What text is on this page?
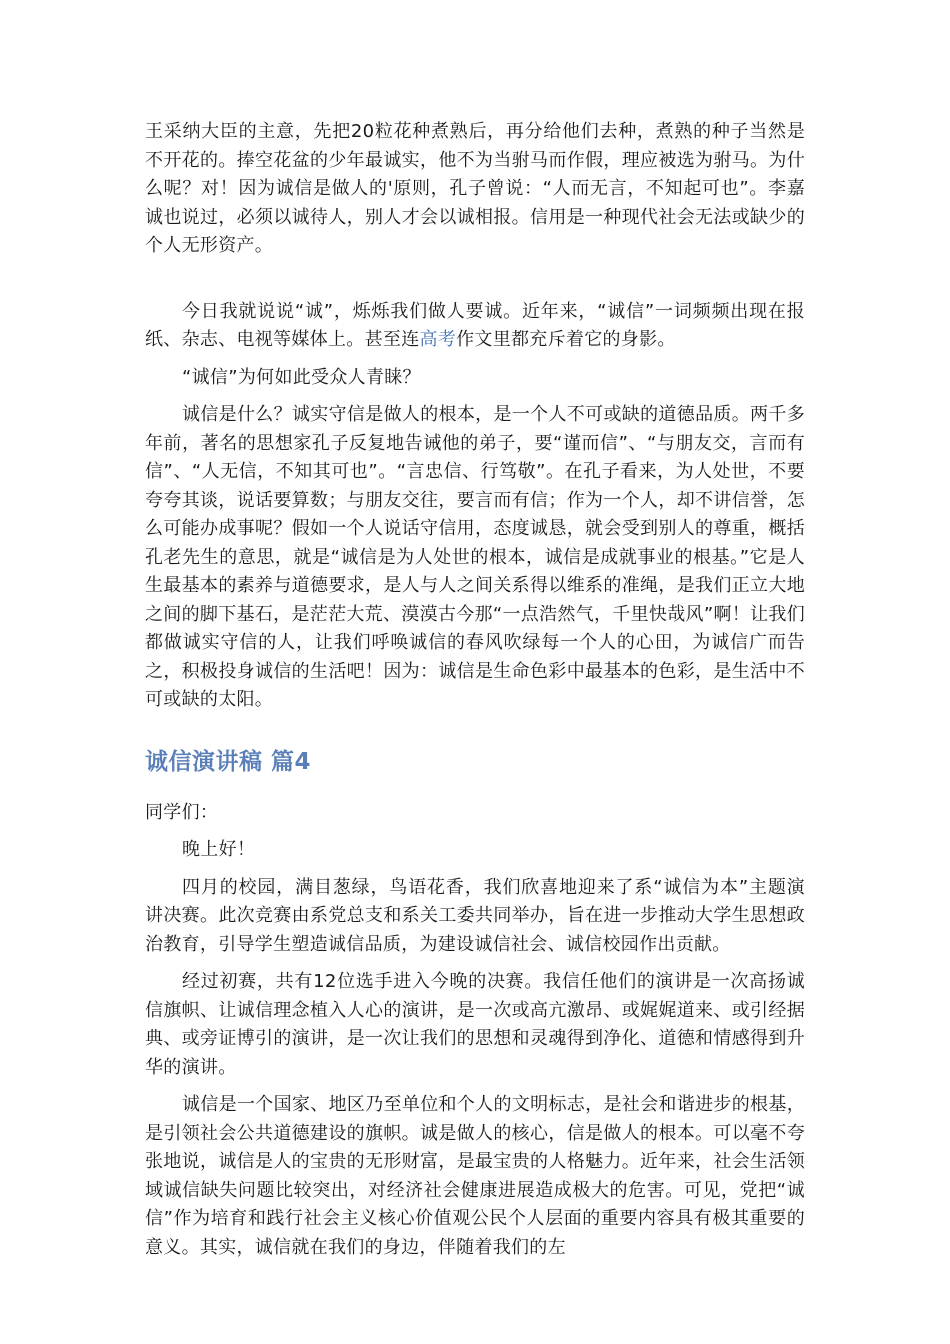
王采纳大臣的主意，先把20粒花种煮熟后，再分给他们去种，煮熟的种子当然是不开花的。捧空花盆的少年最诚实，他不为当驸马而作假，理应被选为驸马。为什么呢？对！因为诚信是做人的'原则，孔子曾说：“人而无言，不知起可也”。李嘉诚也说过，必须以诚待人，别人才会以诚相报。信用是一种现代社会无法或缺少的个人无形资产。

今日我就说说“诚”，烁烁我们做人要诚。近年来，“诚信”一词频频出现在报纸、杂志、电视等媒体上。甚至连高考作文里都充斥着它的身影。

“诚信”为何如此受众人青睐？

诚信是什么？诚实守信是做人的根本，是一个人不可或缺的道德品质。两千多年前，著名的思想家孔子反复地告诫他的弟子，要“谨而信”、“与朋友交，言而有信”、“人无信，不知其可也”。“言忠信、行笃敬”。在孔子看来，为人处世，不要夸夸其谈，说话要算数；与朋友交往，要言而有信；作为一个人，却不讲信誉，怎么可能办成事呢？假如一个人说话守信用，态度诚恳，就会受到别人的尊重，概括孔老先生的意思，就是“诚信是为人处世的根本，诚信是成就事业的根基。”它是人生最基本的素养与道德要求，是人与人之间关系得以维系的准绳，是我们正立大地之间的脚下基石，是茫茫大荒、漠漠古今那“一点浩然气，千里快哉风”啊！让我们都做诚实守信的人，让我们呼唤诚信的春风吹绿每一个人的心田，为诚信广而告之，积极投身诚信的生活吧！因为：诚信是生命色彩中最基本的色彩，是生活中不可或缺的太阳。

诚信演讲稿 篇4

同学们：

晚上好！

四月的校园，满目葱绿，鸟语花香，我们欣喜地迎来了系“诚信为本”主题演讲决赛。此次竞赛由系党总支和系关工委共同举办，旨在进一步推动大学生思想政治教育，引导学生塑造诚信品质，为建设诚信社会、诚信校园作出贡献。

经过初赛，共有12位选手进入今晚的决赛。我信任他们的演讲是一次高扬诚信旗帜、让诚信理念植入人心的演讲，是一次或高亢激昂、或娓娓道来、或引经据典、或旁证博引的演讲，是一次让我们的思想和灵魂得到净化、道德和情感得到升华的演讲。

诚信是一个国家、地区乃至单位和个人的文明标志，是社会和谐进步的根基，是引领社会公共道德建设的旗帜。诚是做人的核心，信是做人的根本。可以毫不夸张地说，诚信是人的宝贵的无形财富，是最宝贵的人格魅力。近年来，社会生活领域诚信缺失问题比较突出，对经济社会健康进展造成极大的危害。可见，党把“诚信”作为培育和践行社会主义核心价值观公民个人层面的重要内容具有极其重要的意义。其实，诚信就在我们的身边，伴随着我们的左
